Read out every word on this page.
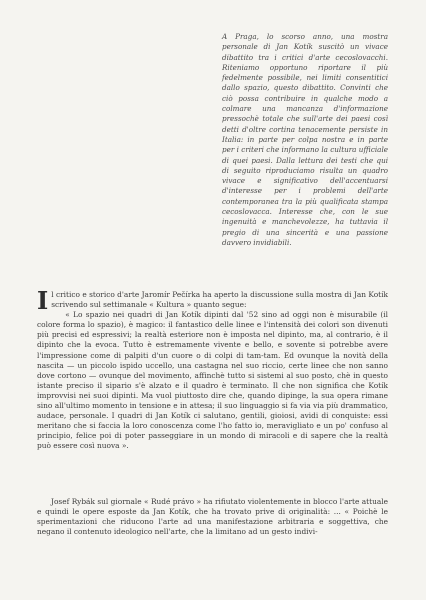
A Praga, lo scorso anno, una mostra personale di Jan Kotík suscitò un vivace dibattito tra i critici d'arte cecoslovacchi. Riteniamo opportuno riportare il più fedelmente possibile, nei limiti consentitici dallo spazio, questo dibattito. Convinti che ciò possa contribuire in qualche modo a colmare una mancanza d'informazione pressochè totale che sull'arte dei paesi così detti d'oltre cortina tenacemente persiste in Italia: in parte per colpa nostra e in parte per i criteri che informano la cultura ufficiale di quei paesi. Dalla lettura dei testi che qui di seguito riproduciamo risulta un quadro vivace e significativo dell'accentuarsi d'interesse per i problemi dell'arte contemporanea tra la più qualificata stampa cecoslovacca. Interesse che, con le sue ingenuità e manchevolezze, ha tuttavia il pregio di una sincerità e una passione davvero invidiabili.

Il critico e storico d'arte Jaromír Pečírka ha aperto la discussione sulla mostra di Jan Kotík scrivendo sul settimanale « Kultura » quanto segue:

« Lo spazio nei quadri di Jan Kotík dipinti dal '52 sino ad oggi non è misurabile (il colore forma lo spazio), è magico: il fantastico delle linee e l'intensità dei colori son divenuti più precisi ed espressivi; la realtà esteriore non è imposta nel dipinto, ma, al contrario, è il dipinto che la evoca. Tutto è estremamente vivente e bello, e sovente si potrebbe avere l'impressione come di palpiti d'un cuore o di colpi di tam-tam. Ed ovunque la novità della nascita — un piccolo ispido uccello, una castagna nel suo riccio, certe linee che non sanno dove cortono — ovunque del movimento, affinchè tutto si sistemi al suo posto, chè in questo istante preciso il sipario s'è alzato e il quadro è terminato. Il che non significa che Kotík improvvisi nei suoi dipinti. Ma vuol piuttosto dire che, quando dipinge, la sua opera rimane sino all'ultimo momento in tensione e in attesa; il suo linguaggio si fa via via più drammatico, audace, personale. I quadri di Jan Kotík ci salutano, gentili, gioiosi, avidi di conquiste: essi meritano che si faccia la loro conoscenza come l'ho fatto io, meravigliato e un po' confuso al principio, felice poi di poter passeggiare in un mondo di miracoli e di sapere che la realtà può essere così nuova ».

Josef Rybák sul giornale « Rudé právo » ha rifiutato violentemente in blocco l'arte attuale e quindi le opere esposte da Jan Kotík, che ha trovato prive di originalità: ... « Poichè le sperimentazioni che riducono l'arte ad una manifestazione arbitraria e soggettiva, che negano il contenuto ideologico nell'arte, che la limitano ad un gesto indivi-
